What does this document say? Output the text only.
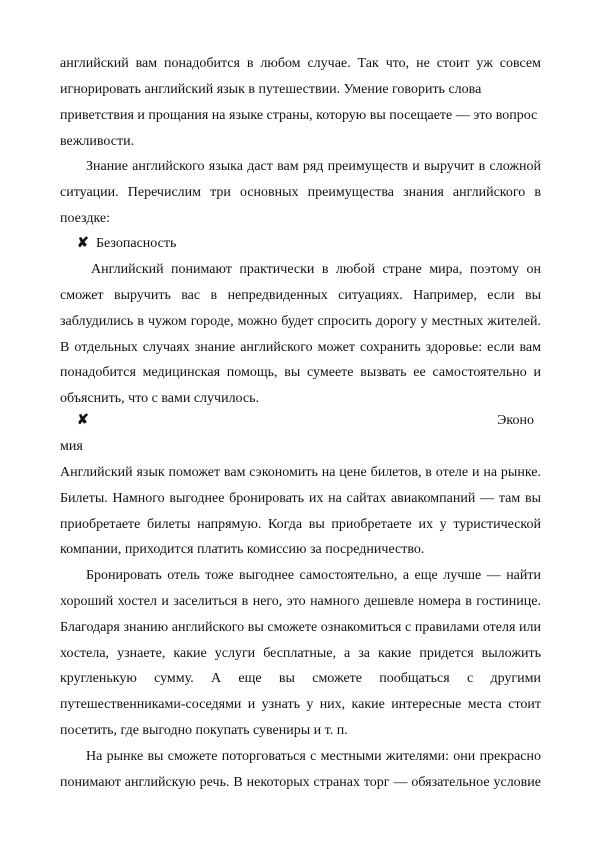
английский вам понадобится в любом случае. Так что, не стоит уж совсем
игнорировать английский язык в путешествии. Умение говорить слова
приветствия и прощания на языке страны, которую вы посещаете — это вопрос
вежливости.
Знание английского языка даст вам ряд преимуществ и выручит в сложной
ситуации. Перечислим три основных преимущества знания английского в
поездке:
✘ Безопасность
Английский понимают практически в любой стране мира, поэтому он
сможет выручить вас в непредвиденных ситуациях. Например, если вы
заблудились в чужом городе, можно будет спросить дорогу у местных жителей.
В отдельных случаях знание английского может сохранить здоровье: если вам
понадобится медицинская помощь, вы сумеете вызвать ее самостоятельно и
объяснить, что с вами случилось.
✘	Эконо
мия
Английский язык поможет вам сэкономить на цене билетов, в отеле и на рынке.
Билеты. Намного выгоднее бронировать их на сайтах авиакомпаний — там вы
приобретаете билеты напрямую. Когда вы приобретаете их у туристической
компании, приходится платить комиссию за посредничество.
Бронировать отель тоже выгоднее самостоятельно, а еще лучше — найти
хороший хостел и заселиться в него, это намного дешевле номера в гостинице.
Благодаря знанию английского вы сможете ознакомиться с правилами отеля или
хостела, узнаете, какие услуги бесплатные, а за какие придется выложить
кругленькую сумму. А еще вы сможете пообщаться с другими
путешественниками-соседями и узнать у них, какие интересные места стоит
посетить, где выгодно покупать сувениры и т. п.
На рынке вы сможете поторговаться с местными жителями: они прекрасно
понимают английскую речь. В некоторых странах торг — обязательное условие
